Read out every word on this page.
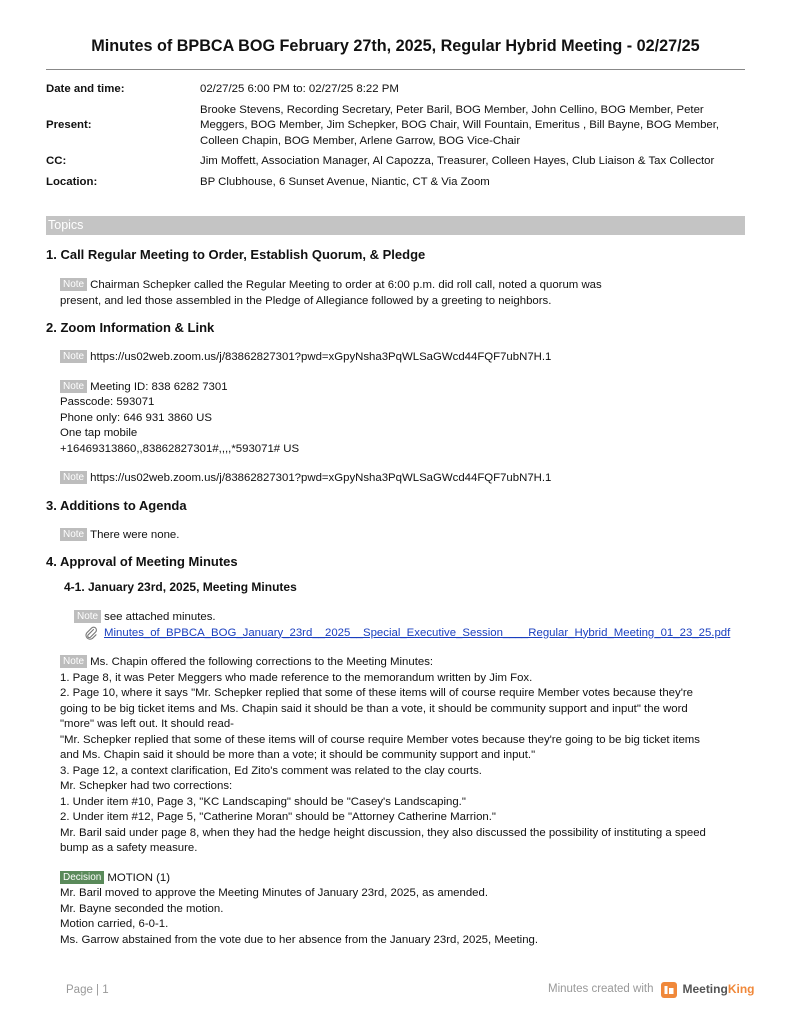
Minutes of BPBCA BOG February 27th, 2025, Regular Hybrid Meeting - 02/27/25
Date and time:	02/27/25 6:00 PM to: 02/27/25 8:22 PM
Present:
Brooke Stevens, Recording Secretary, Peter Baril, BOG Member, John Cellino, BOG Member, Peter
Meggers, BOG Member, Jim Schepker, BOG Chair, Will Fountain, Emeritus , Bill Bayne, BOG Member,
Colleen Chapin, BOG Member, Arlene Garrow, BOG Vice-Chair
CC:	Jim Moffett, Association Manager, Al Capozza, Treasurer, Colleen Hayes, Club Liaison & Tax Collector
Location:	BP Clubhouse, 6 Sunset Avenue, Niantic, CT & Via Zoom
Topics
1. Call Regular Meeting to Order, Establish Quorum, & Pledge
Note Chairman Schepker called the Regular Meeting to order at 6:00 p.m. did roll call, noted a quorum was
present, and led those assembled in the Pledge of Allegiance followed by a greeting to neighbors.
2. Zoom Information & Link
Note https://us02web.zoom.us/j/83862827301?pwd=xGpyNsha3PqWLSaGWcd44FQF7ubN7H.1
Note Meeting ID: 838 6282 7301
Passcode: 593071
Phone only: 646 931 3860 US
One tap mobile
+16469313860,,83862827301#,,,,*593071# US
Note https://us02web.zoom.us/j/83862827301?pwd=xGpyNsha3PqWLSaGWcd44FQF7ubN7H.1
3. Additions to Agenda
Note There were none.
4. Approval of Meeting Minutes
4-1. January 23rd, 2025, Meeting Minutes
Note see attached minutes.
Minutes_of_BPBCA_BOG_January_23rd__2025__Special_Executive_Session____Regular_Hybrid_Meeting_01_23_25.pdf
Note Ms. Chapin offered the following corrections to the Meeting Minutes:
1. Page 8, it was Peter Meggers who made reference to the memorandum written by Jim Fox.
2. Page 10, where it says "Mr. Schepker replied that some of these items will of course require Member votes because they're
going to be big ticket items and Ms. Chapin said it should be than a vote, it should be community support and input" the word
"more" was left out. It should read-
"Mr. Schepker replied that some of these items will of course require Member votes because they're going to be big ticket items
and Ms. Chapin said it should be more than a vote; it should be community support and input."
3. Page 12, a context clarification, Ed Zito's comment was related to the clay courts.
Mr. Schepker had two corrections:
1. Under item #10, Page 3, "KC Landscaping" should be "Casey's Landscaping."
2. Under item #12, Page 5, "Catherine Moran" should be "Attorney Catherine Marrion."
Mr. Baril said under page 8, when they had the hedge height discussion, they also discussed the possibility of instituting a speed
bump as a safety measure.
Decision MOTION (1)
Mr. Baril moved to approve the Meeting Minutes of January 23rd, 2025, as amended.
Mr. Bayne seconded the motion.
Motion carried, 6-0-1.
Ms. Garrow abstained from the vote due to her absence from the January 23rd, 2025, Meeting.
Page | 1	Minutes created with MeetingKing
